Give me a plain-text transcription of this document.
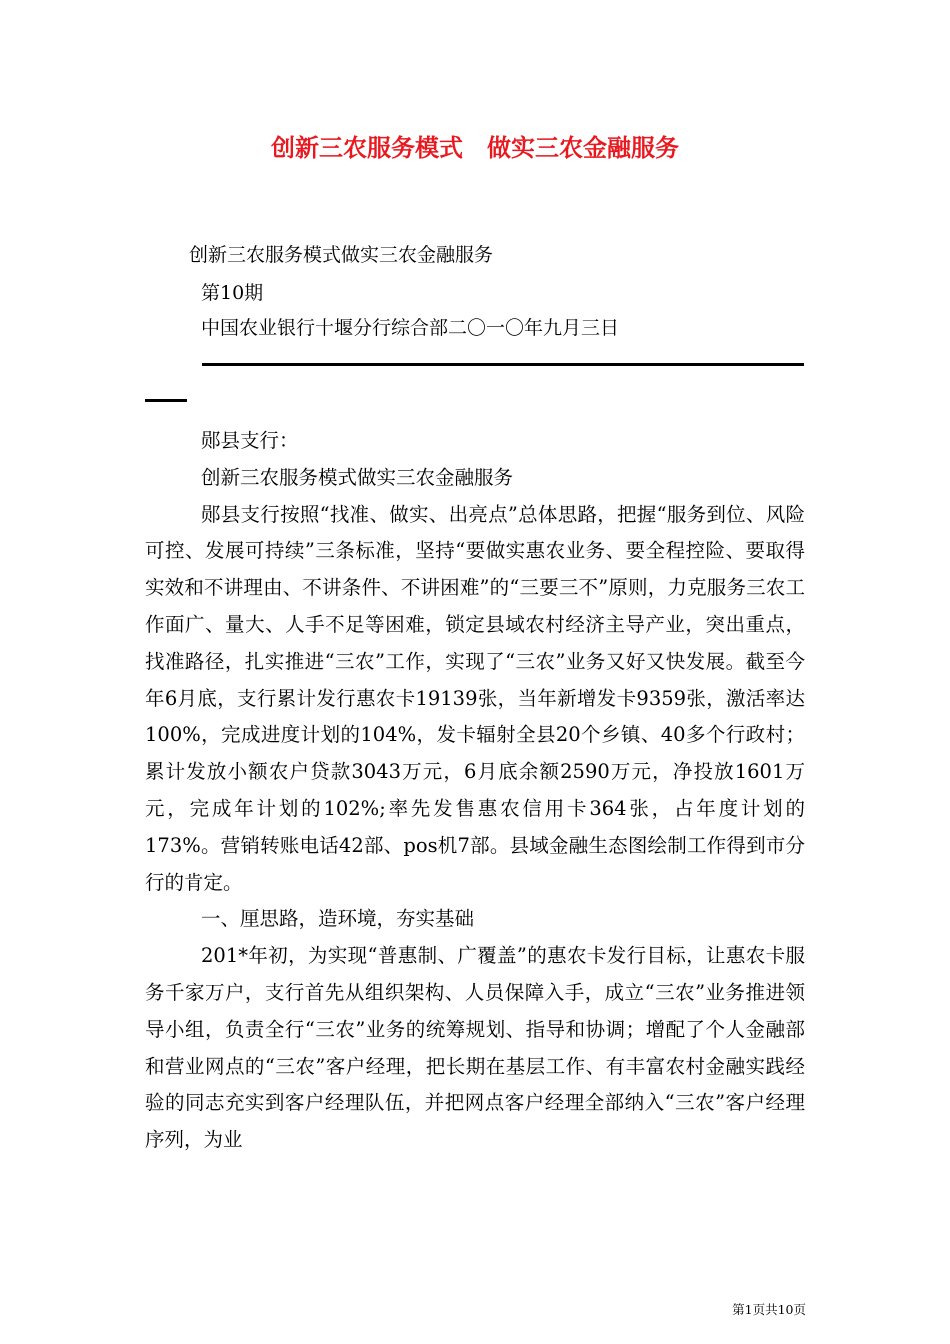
创新三农服务模式　做实三农金融服务
创新三农服务模式做实三农金融服务
第10期
中国农业银行十堰分行综合部二〇一〇年九月三日

郧县支行：

创新三农服务模式做实三农金融服务

郧县支行按照“找准、做实、出亮点”总体思路，把握“服务到位、风险可控、发展可持续”三条标准，坚持“要做实惠农业务、要全程控险、要取得实效和不讲理由、不讲条件、不讲困难”的“三要三不”原则，力克服务三农工作面广、量大、人手不足等困难，锁定县域农村经济主导产业，突出重点，找准路径，扎实推进“三农”工作，实现了“三农”业务又好又快发展。截至今年6月底，支行累计发行惠农卡19139张，当年新增发卡9359张，激活率达100%，完成进度计划的104%，发卡辐射全县20个乡镇、40多个行政村；累计发放小额农户贷款3043万元，6月底余额2590万元，净投放1601万元，完成年计划的102%;率先发售惠农信用卡364张，占年度计划的173%。营销转账电话42部、pos机7部。县域金融生态图绘制工作得到市分行的肯定。

一、厘思路，造环境，夯实基础

201*年初，为实现“普惠制、广覆盖”的惠农卡发行目标，让惠农卡服务千家万户，支行首先从组织架构、人员保障入手，成立“三农”业务推进领导小组，负责全行“三农”业务的统筹规划、指导和协调；增配了个人金融部和营业网点的“三农”客户经理，把长期在基层工作、有丰富农村金融实践经验的同志充实到客户经理队伍，并把网点客户经理全部纳入“三农”客户经理序列，为业

第1页共10页
